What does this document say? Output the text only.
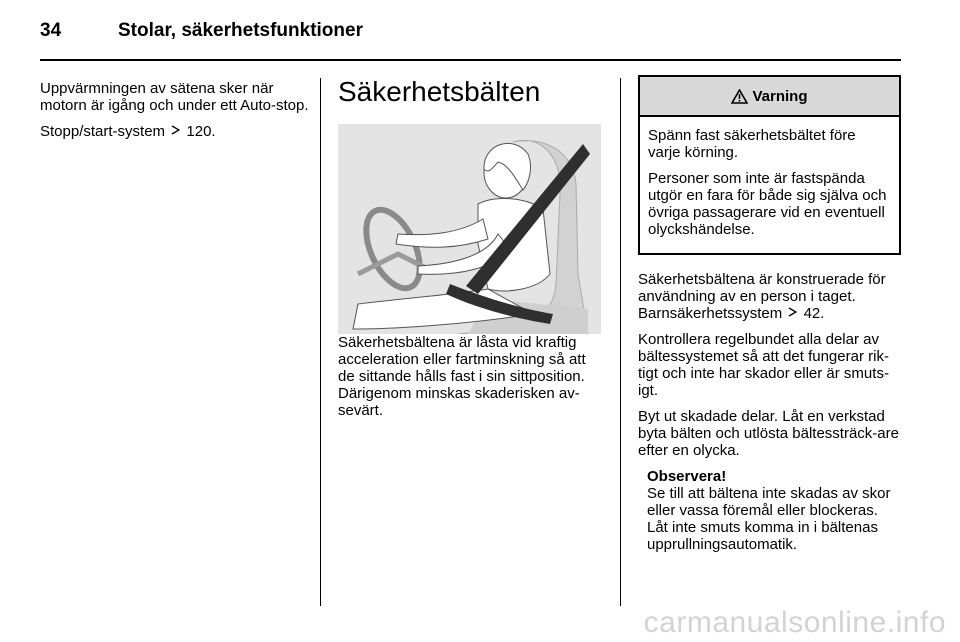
34	Stolar, säkerhetsfunktioner

Uppvärmningen av sätena sker när motorn är igång och under ett Auto-stop.

Stopp/start-system 120.

Säkerhetsbälten

Säkerhetsbältena är låsta vid kraftig acceleration eller fartminskning så att de sittande hålls fast i sin sittposition. Därigenom minskas skaderisken av-sevärt.

Varning

Spänn fast säkerhetsbältet före varje körning.

Personer som inte är fastspända utgör en fara för både sig själva och övriga passagerare vid en eventuell olyckshändelse.

Säkerhetsbältena är konstruerade för användning av en person i taget. Barnsäkerhetssystem 42.

Kontrollera regelbundet alla delar av bältessystemet så att det fungerar rik-tigt och inte har skador eller är smuts-igt.

Byt ut skadade delar. Låt en verkstad byta bälten och utlösta bältessträck-are efter en olycka.

Observera!
Se till att bältena inte skadas av skor eller vassa föremål eller blockeras.
Låt inte smuts komma in i bältenas upprullningsautomatik.
carmanualsonline.info
